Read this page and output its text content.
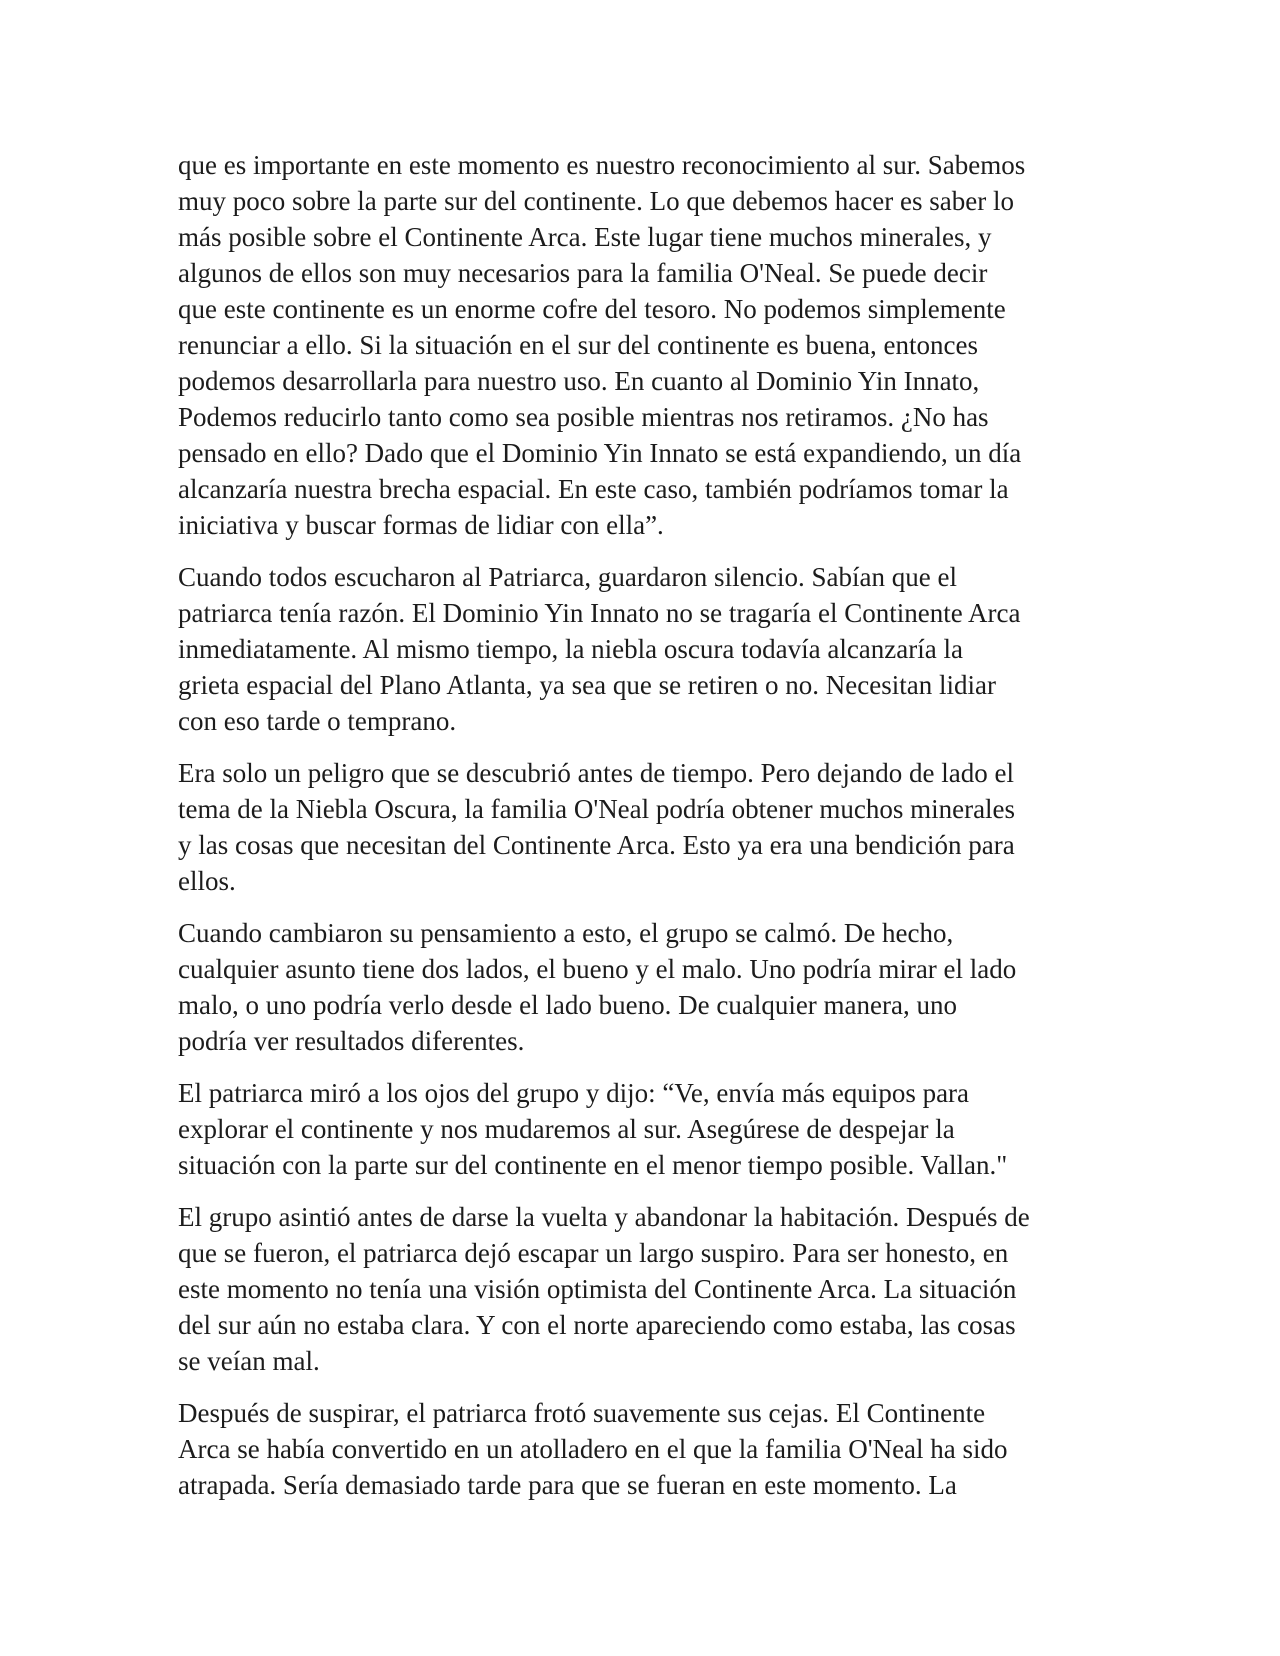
que es importante en este momento es nuestro reconocimiento al sur. Sabemos
muy poco sobre la parte sur del continente. Lo que debemos hacer es saber lo
más posible sobre el Continente Arca. Este lugar tiene muchos minerales, y
algunos de ellos son muy necesarios para la familia O'Neal. Se puede decir
que este continente es un enorme cofre del tesoro. No podemos simplemente
renunciar a ello. Si la situación en el sur del continente es buena, entonces
podemos desarrollarla para nuestro uso. En cuanto al Dominio Yin Innato,
Podemos reducirlo tanto como sea posible mientras nos retiramos. ¿No has
pensado en ello? Dado que el Dominio Yin Innato se está expandiendo, un día
alcanzaría nuestra brecha espacial. En este caso, también podríamos tomar la
iniciativa y buscar formas de lidiar con ella”.

Cuando todos escucharon al Patriarca, guardaron silencio. Sabían que el
patriarca tenía razón. El Dominio Yin Innato no se tragaría el Continente Arca
inmediatamente. Al mismo tiempo, la niebla oscura todavía alcanzaría la
grieta espacial del Plano Atlanta, ya sea que se retiren o no. Necesitan lidiar
con eso tarde o temprano.

Era solo un peligro que se descubrió antes de tiempo. Pero dejando de lado el
tema de la Niebla Oscura, la familia O'Neal podría obtener muchos minerales
y las cosas que necesitan del Continente Arca. Esto ya era una bendición para
ellos.

Cuando cambiaron su pensamiento a esto, el grupo se calmó. De hecho,
cualquier asunto tiene dos lados, el bueno y el malo. Uno podría mirar el lado
malo, o uno podría verlo desde el lado bueno. De cualquier manera, uno
podría ver resultados diferentes.

El patriarca miró a los ojos del grupo y dijo: “Ve, envía más equipos para
explorar el continente y nos mudaremos al sur. Asegúrese de despejar la
situación con la parte sur del continente en el menor tiempo posible. Vallan."

El grupo asintió antes de darse la vuelta y abandonar la habitación. Después de
que se fueron, el patriarca dejó escapar un largo suspiro. Para ser honesto, en
este momento no tenía una visión optimista del Continente Arca. La situación
del sur aún no estaba clara. Y con el norte apareciendo como estaba, las cosas
se veían mal.

Después de suspirar, el patriarca frotó suavemente sus cejas. El Continente
Arca se había convertido en un atolladero en el que la familia O'Neal ha sido
atrapada. Sería demasiado tarde para que se fueran en este momento. La
